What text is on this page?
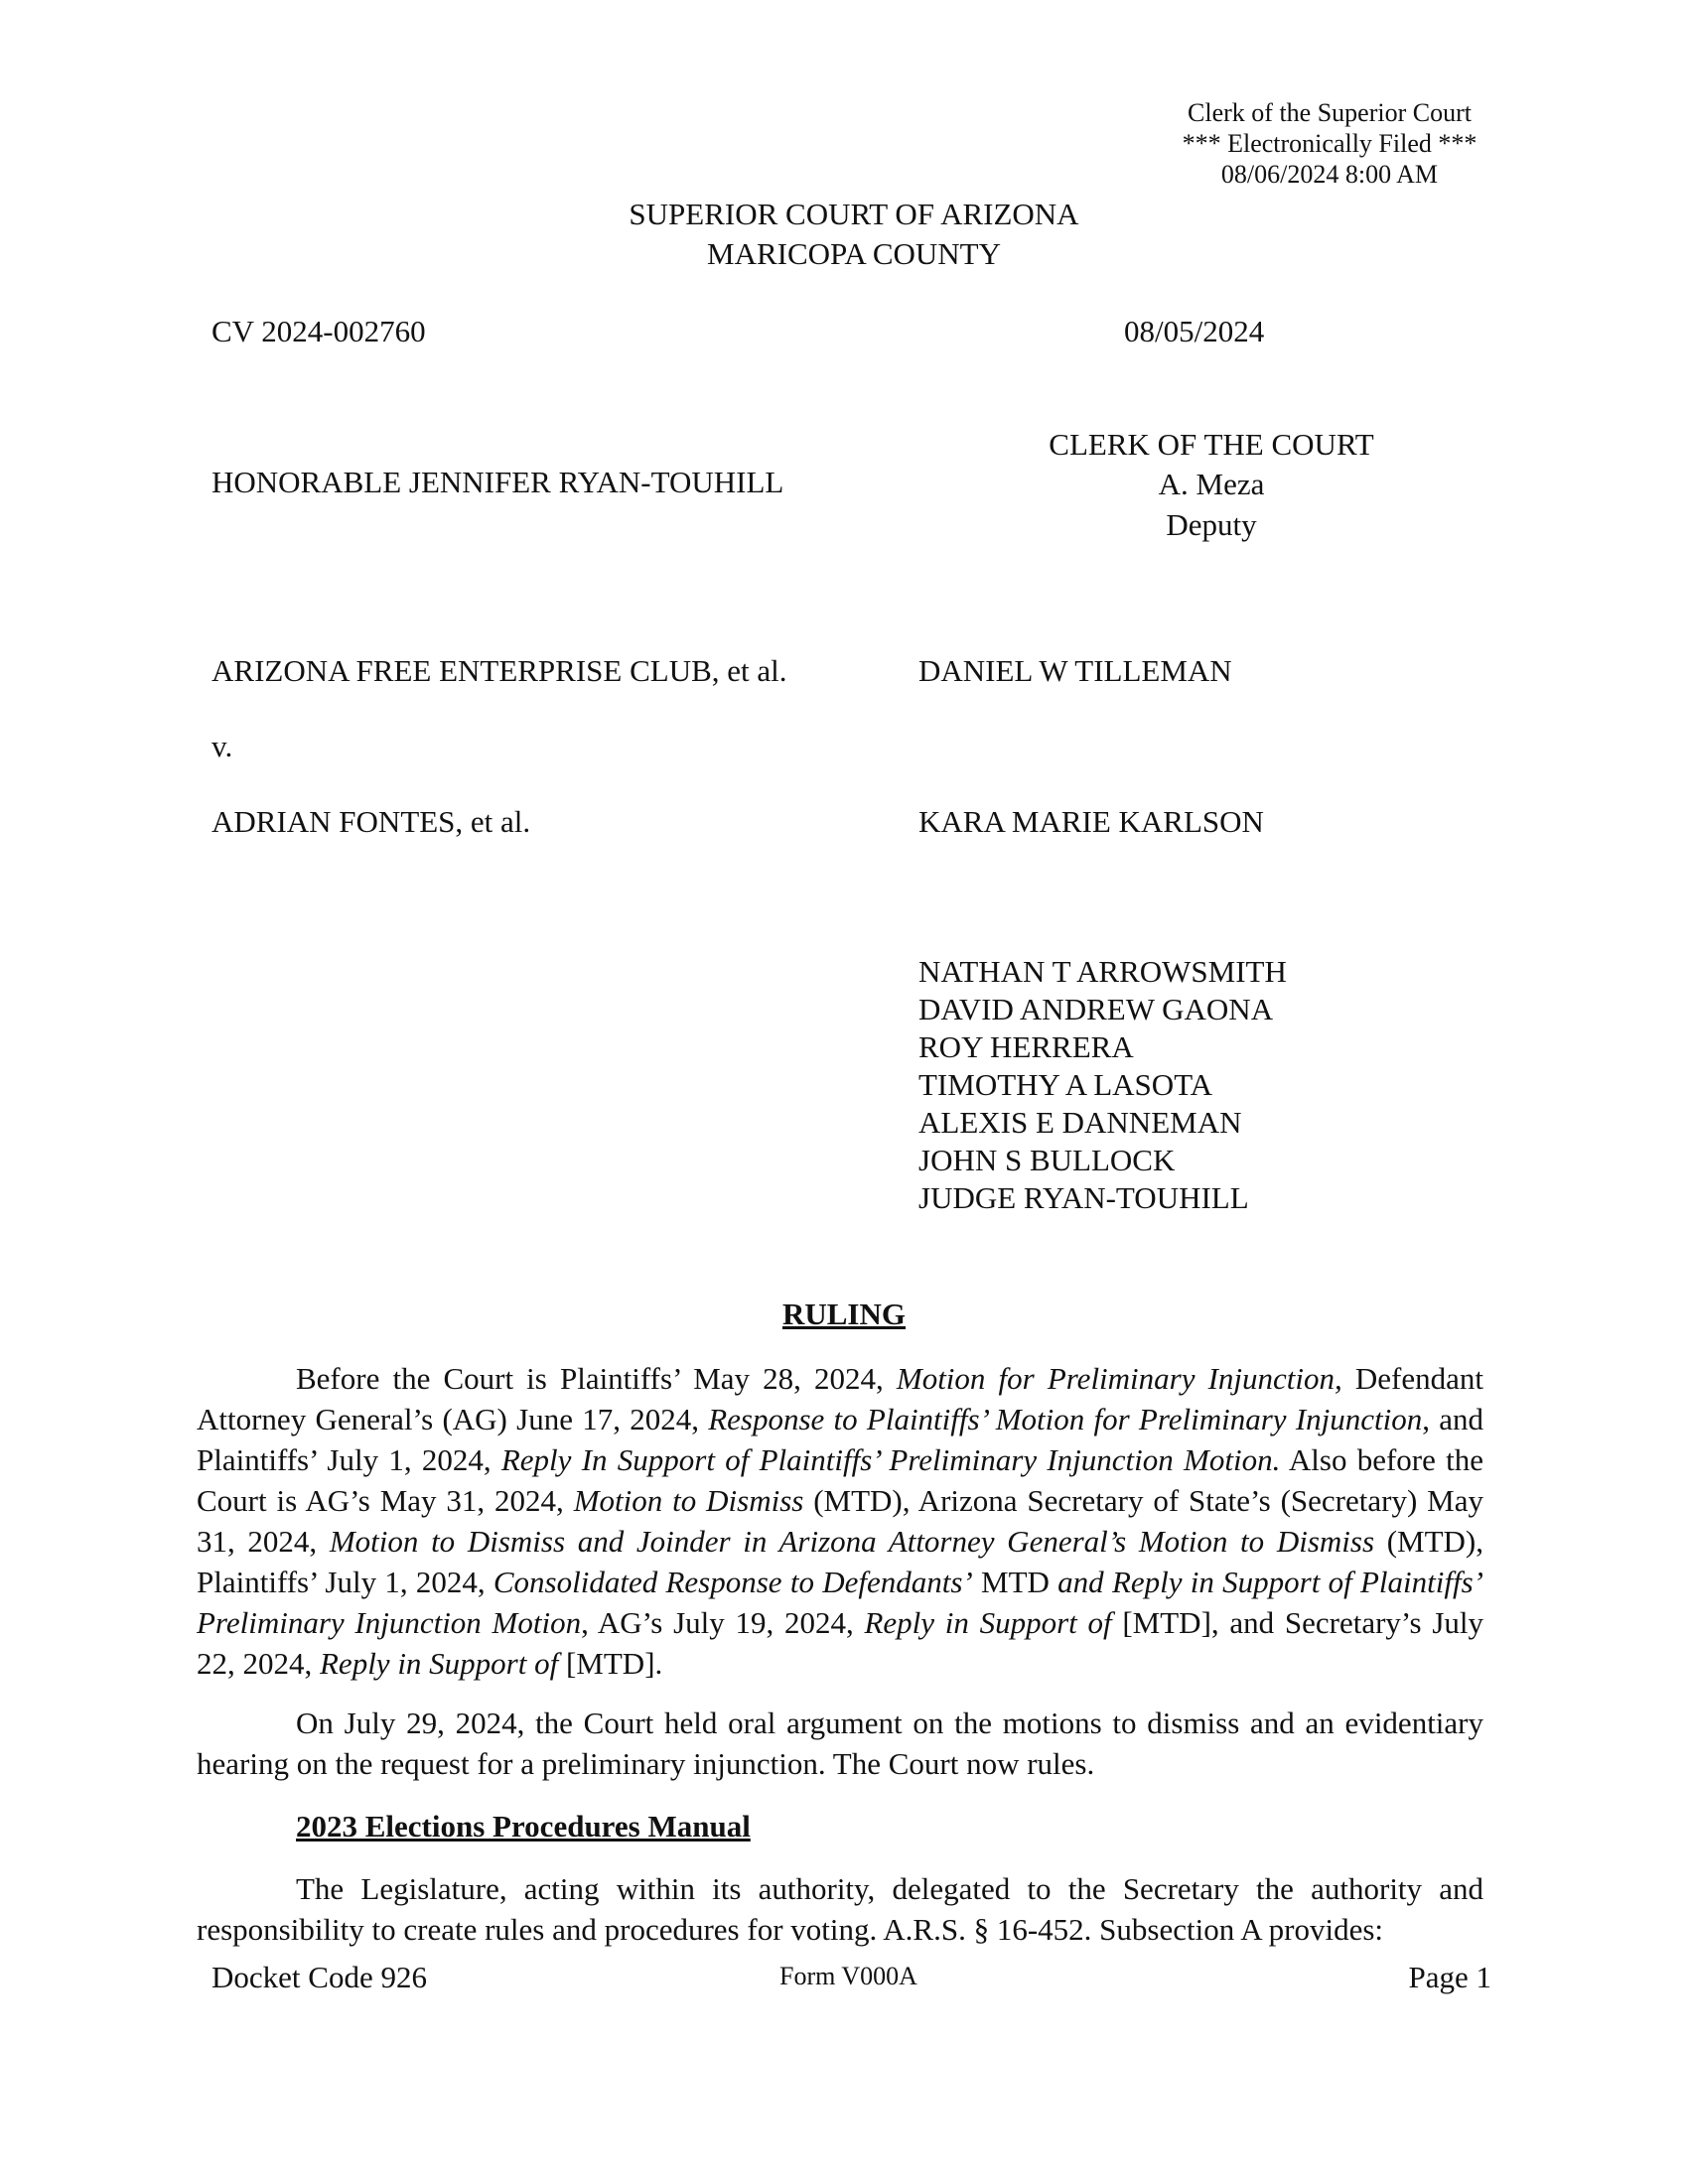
Clerk of the Superior Court
*** Electronically Filed ***
08/06/2024 8:00 AM
SUPERIOR COURT OF ARIZONA
MARICOPA COUNTY
CV 2024-002760	08/05/2024
HONORABLE JENNIFER RYAN-TOUHILL
CLERK OF THE COURT
A. Meza
Deputy
ARIZONA FREE ENTERPRISE CLUB, et al.
v.
ADRIAN FONTES, et al.
DANIEL W TILLEMAN
KARA MARIE KARLSON
NATHAN T ARROWSMITH
DAVID ANDREW GAONA
ROY HERRERA
TIMOTHY A LASOTA
ALEXIS E DANNEMAN
JOHN S BULLOCK
JUDGE RYAN-TOUHILL
RULING

Before the Court is Plaintiffs’ May 28, 2024, Motion for Preliminary Injunction, Defendant Attorney General’s (AG) June 17, 2024, Response to Plaintiffs’ Motion for Preliminary Injunction, and Plaintiffs’ July 1, 2024, Reply In Support of Plaintiffs’ Preliminary Injunction Motion. Also before the Court is AG’s May 31, 2024, Motion to Dismiss (MTD), Arizona Secretary of State’s (Secretary) May 31, 2024, Motion to Dismiss and Joinder in Arizona Attorney General’s Motion to Dismiss (MTD), Plaintiffs’ July 1, 2024, Consolidated Response to Defendants’ MTD and Reply in Support of Plaintiffs’ Preliminary Injunction Motion, AG’s July 19, 2024, Reply in Support of [MTD], and Secretary’s July 22, 2024, Reply in Support of [MTD].

On July 29, 2024, the Court held oral argument on the motions to dismiss and an evidentiary hearing on the request for a preliminary injunction. The Court now rules.

2023 Elections Procedures Manual

The Legislature, acting within its authority, delegated to the Secretary the authority and responsibility to create rules and procedures for voting. A.R.S. § 16-452. Subsection A provides:

Docket Code 926	Form V000A	Page 1
